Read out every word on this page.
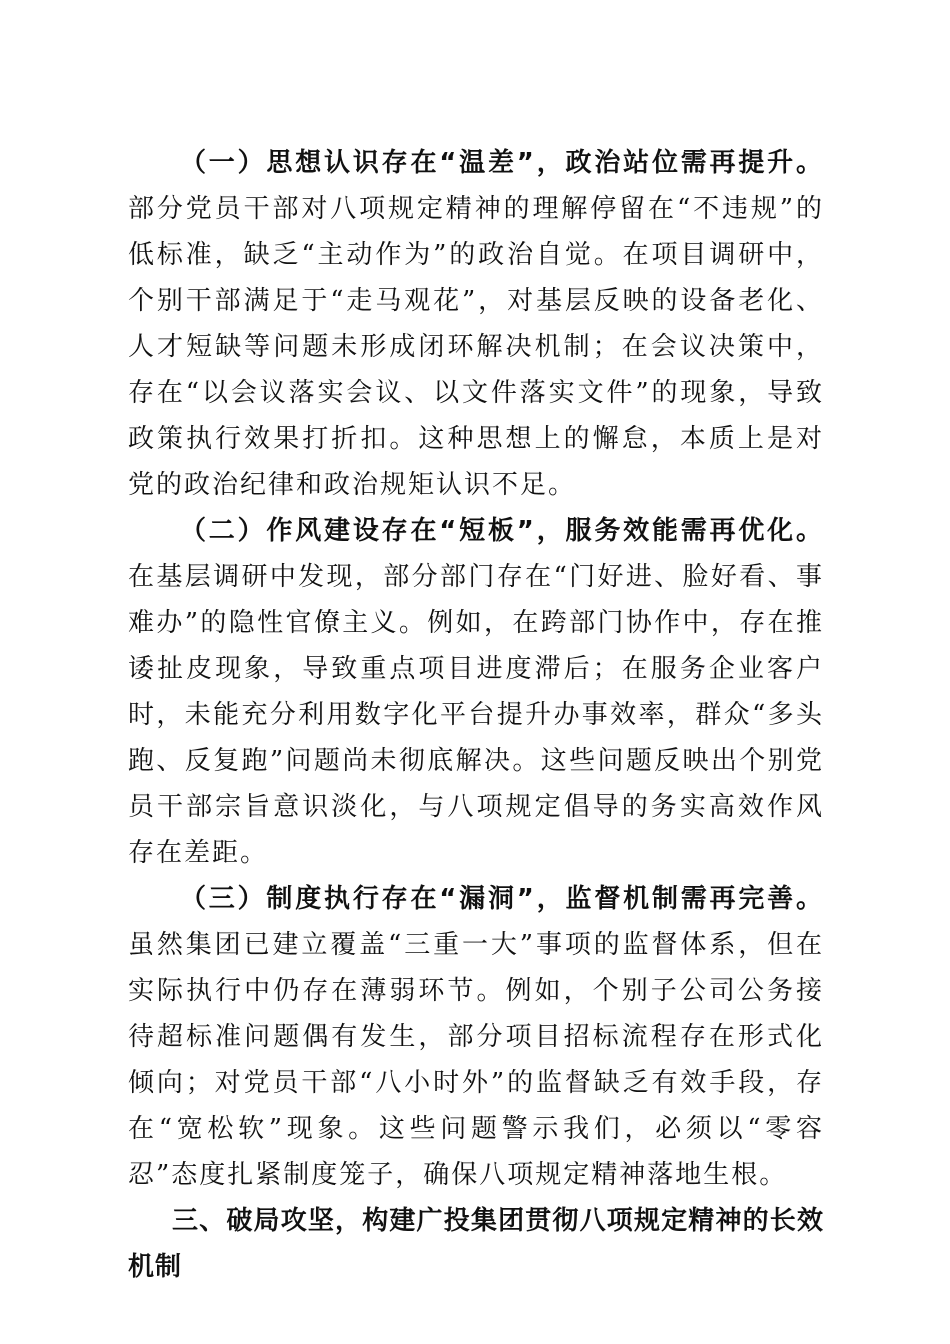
（一）思想认识存在“温差”，政治站位需再提升。部分党员干部对八项规定精神的理解停留在“不违规”的低标准，缺乏“主动作为”的政治自觉。在项目调研中，个别干部满足于“走马观花”，对基层反映的设备老化、人才短缺等问题未形成闭环解决机制；在会议决策中，存在“以会议落实会议、以文件落实文件”的现象，导致政策执行效果打折扣。这种思想上的懈怠，本质上是对党的政治纪律和政治规矩认识不足。

（二）作风建设存在“短板”，服务效能需再优化。在基层调研中发现，部分部门存在“门好进、脸好看、事难办”的隐性官僚主义。例如，在跨部门协作中，存在推诿扯皮现象，导致重点项目进度滞后；在服务企业客户时，未能充分利用数字化平台提升办事效率，群众“多头跑、反复跑”问题尚未彻底解决。这些问题反映出个别党员干部宗旨意识淡化，与八项规定倡导的务实高效作风存在差距。

（三）制度执行存在“漏洞”，监督机制需再完善。虽然集团已建立覆盖“三重一大”事项的监督体系，但在实际执行中仍存在薄弱环节。例如，个别子公司公务接待超标准问题偶有发生，部分项目招标流程存在形式化倾向；对党员干部“八小时外”的监督缺乏有效手段，存在“宽松软”现象。这些问题警示我们，必须以“零容忍”态度扎紧制度笼子，确保八项规定精神落地生根。

三、破局攻坚，构建广投集团贯彻八项规定精神的长效机制
